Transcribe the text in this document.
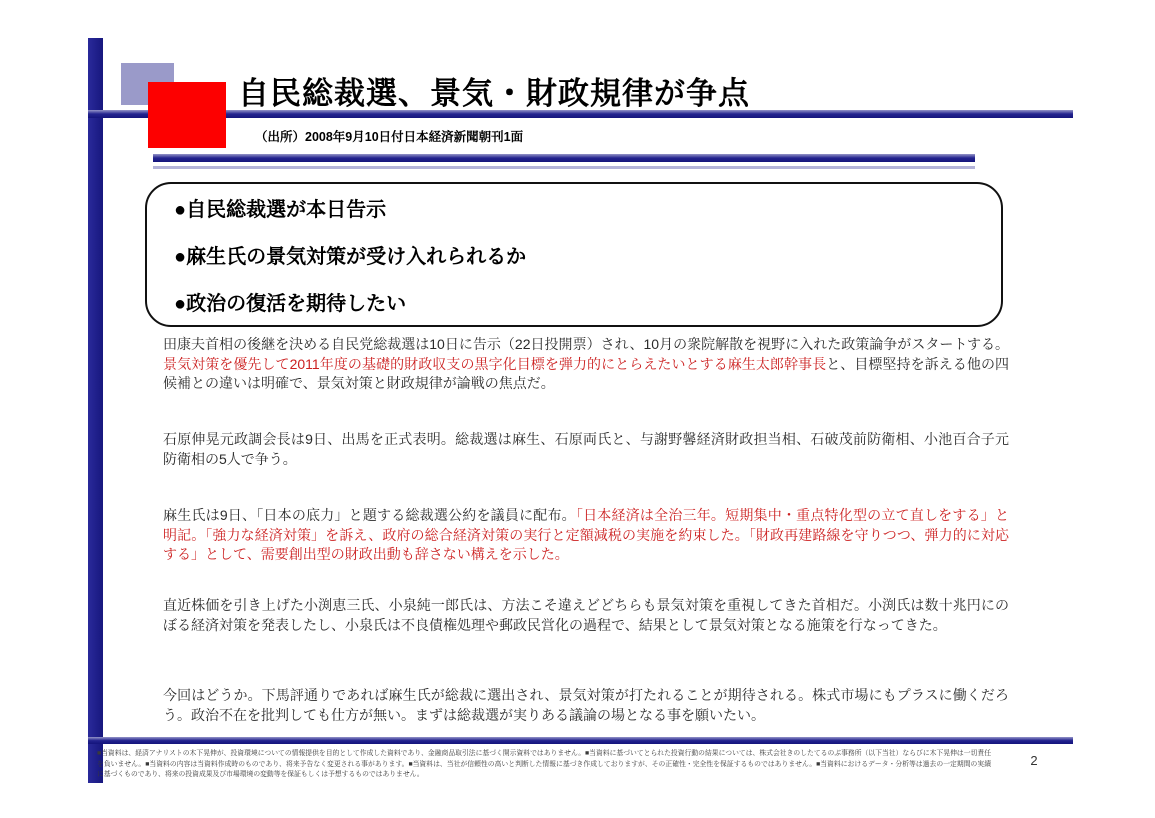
自民総裁選、景気・財政規律が争点
（出所）2008年9月10日付日本経済新聞朝刊1面
●自民総裁選が本日告示
●麻生氏の景気対策が受け入れられるか
●政治の復活を期待したい
田康夫首相の後継を決める自民党総裁選は10日に告示（22日投開票）され、10月の衆院解散を視野に入れた政策論争がスタートする。景気対策を優先して2011年度の基礎的財政収支の黒字化目標を弾力的にとらえたいとする麻生太郎幹事長と、目標堅持を訴える他の四候補との違いは明確で、景気対策と財政規律が論戦の焦点だ。
石原伸晃元政調会長は9日、出馬を正式表明。総裁選は麻生、石原両氏と、与謝野馨経済財政担当相、石破茂前防衛相、小池百合子元防衛相の5人で争う。
麻生氏は9日、「日本の底力」と題する総裁選公約を議員に配布。「日本経済は全治三年。短期集中・重点特化型の立て直しをする」と明記。「強力な経済対策」を訴え、政府の総合経済対策の実行と定額減税の実施を約束した。「財政再建路線を守りつつ、弾力的に対応する」として、需要創出型の財政出動も辞さない構えを示した。
直近株価を引き上げた小渕恵三氏、小泉純一郎氏は、方法こそ違えどどちらも景気対策を重視してきた首相だ。小渕氏は数十兆円にのぼる経済対策を発表したし、小泉氏は不良債権処理や郵政民営化の過程で、結果として景気対策となる施策を行なってきた。
今回はどうか。下馬評通りであれば麻生氏が総裁に選出され、景気対策が打たれることが期待される。株式市場にもプラスに働くだろう。政治不在を批判しても仕方が無い。まずは総裁選が実りある議論の場となる事を願いたい。
■当資料は、経済アナリストの木下晃伸が、投資環境についての情報提供を目的として作成した資料であり、金融商品取引法に基づく開示資料ではありません。■当資料に基づいてとられた投資行動の結果については、株式会社きのしたてるのぶ事務所（以下当社）ならびに木下晃伸は一切責任を負いません。■当資料の内容は当資料作成時のものであり、将来予告なく変更される事があります。■当資料は、当社が信頼性の高いと判断した情報に基づき作成しておりますが、その正確性・完全性を保証するものではありません。■当資料におけるデータ・分析等は過去の一定期間の実績に基づくものであり、将来の投資成果及び市場環境の変動等を保証もしくは予想するものではありません。
2
